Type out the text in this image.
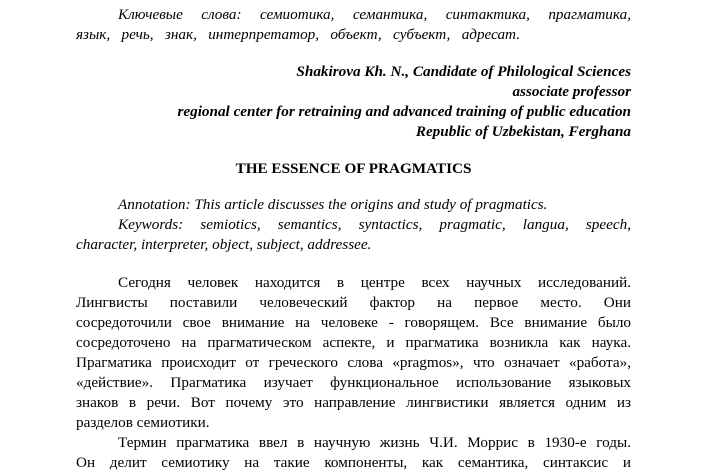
Ключевые слова: семиотика, семантика, синтактика, прагматика,
язык, речь, знак, интерпретатор, объект, субъект, адресат.
Shakirova Kh. N., Candidate of Philological Sciences
associate professor
regional center for retraining and advanced training of public education
Republic of Uzbekistan, Ferghana
THE ESSENCE OF PRAGMATICS
Annotation: This article discusses the origins and study of pragmatics.
Keywords: semiotics, semantics, syntactics, pragmatic, langua, speech,
character, interpreter, object, subject, addressee.
Сегодня человек находится в центре всех научных исследований.
Лингвисты поставили человеческий фактор на первое место. Они
сосредоточили свое внимание на человеке - говорящем. Все внимание было
сосредоточено на прагматическом аспекте, и прагматика возникла как наука.
Прагматика происходит от греческого слова «pragmos», что означает «работа»,
«действие». Прагматика изучает функциональное использование языковых
знаков в речи. Вот почему это направление лингвистики является одним из
разделов семиотики.
Термин прагматика ввел в научную жизнь Ч.И. Моррис в 1930-е годы.
Он делит семиотику на такие компоненты, как семантика, синтаксис и
